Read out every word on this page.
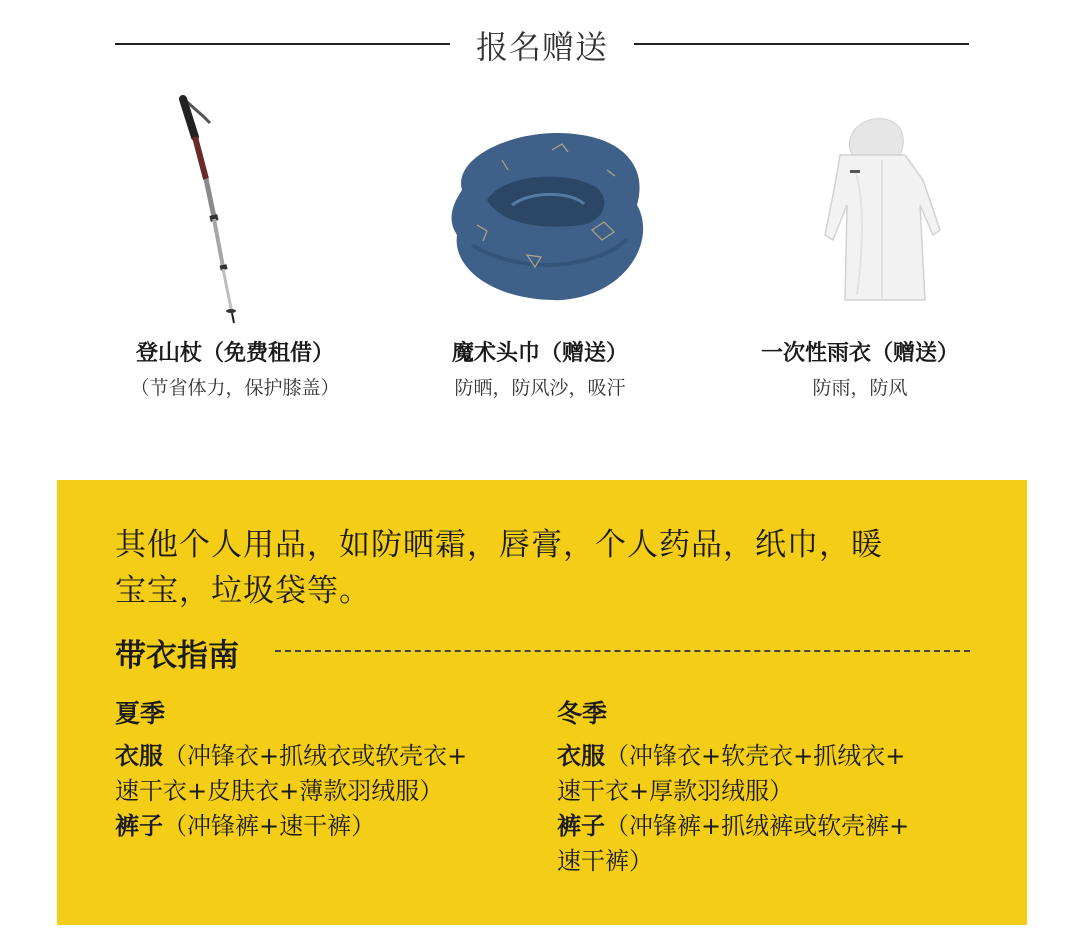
报名赠送
登山杖（免费租借）
（节省体力，保护膝盖）
魔术头巾（赠送）
防晒，防风沙，吸汗
一次性雨衣（赠送）
防雨，防风
其他个人用品，如防晒霜，唇膏，个人药品，纸巾，暖
宝宝，垃圾袋等。
带衣指南
夏季
衣服（冲锋衣+抓绒衣或软壳衣+
速干衣+皮肤衣+薄款羽绒服）
裤子（冲锋裤+速干裤）
冬季
衣服（冲锋衣+软壳衣+抓绒衣+
速干衣+厚款羽绒服）
裤子（冲锋裤+抓绒裤或软壳裤+
速干裤）
